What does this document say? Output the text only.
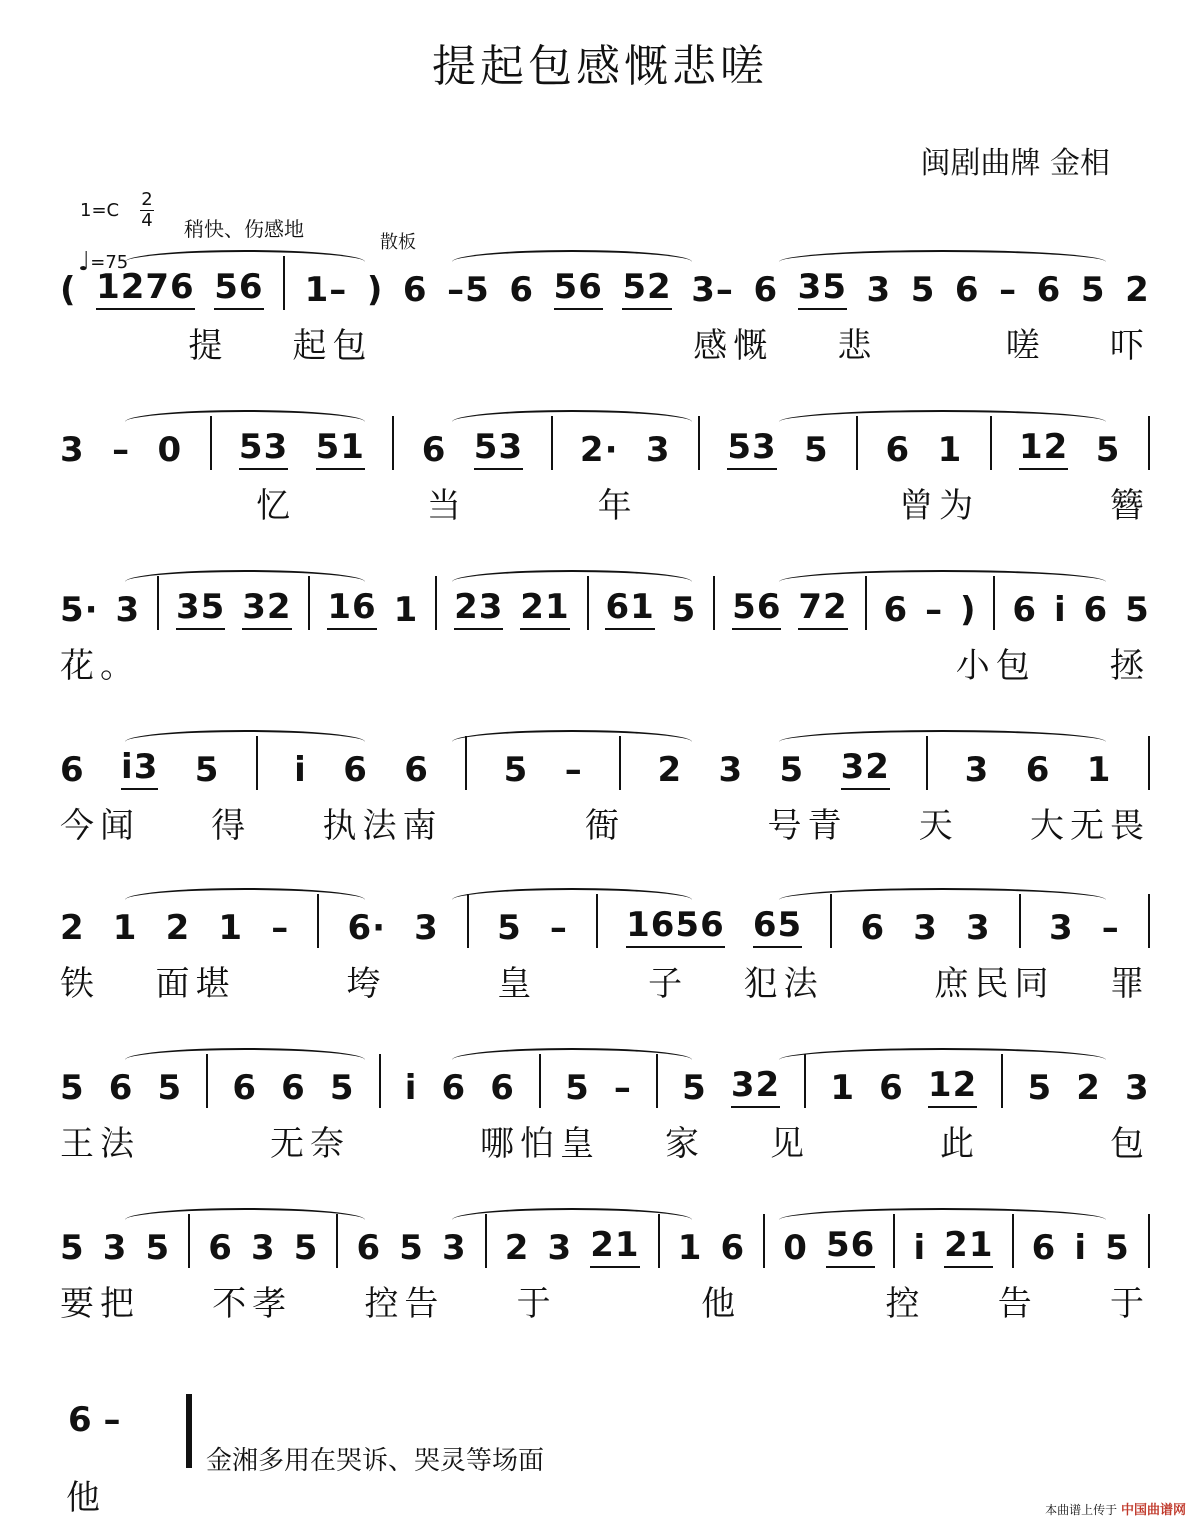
提起包感慨悲嗟
闽剧曲牌 金相
1=C
2
4 稍快、伤感地
♩=75
散板
( 1276 56 1– ) 6 –5 6 56 52 3– 6 35 3 5 6 – 6 5 2
提 起包	感慨 悲	嗟 吓
3 – 0 53 51 6 53 2· 3 53 5 6 1 12 5
忆	当	年	曾为	簪
5· 3 35 32 16 1 23 21 61 5 56 72 6 – ) 6 i 6 5
花。	小包 拯
6 i3 5 i 6 6 5 – 2 3 5 32 3 6 1
今闻 得 执法南	衙	号青 天 大无畏
2 1 2 1 – 6· 3 5 – 1656 65 6 3 3 3 –
铁 面堪	垮	皇	子 犯法	庶民同 罪
5 6 5 6 6 5 i 6 6 5 – 5 32 1 6 12 5 2 3
王法	无奈	哪怕皇 家 见	此	包
5 3 5 6 3 5 6 5 3 2 3 21 1 6 0 56 i 21 6 i 5
要把 不孝 控告 于	他	控 告 于
6 –
他
金湘多用在哭诉、哭灵等场面
本曲谱上传于 中国曲谱网
